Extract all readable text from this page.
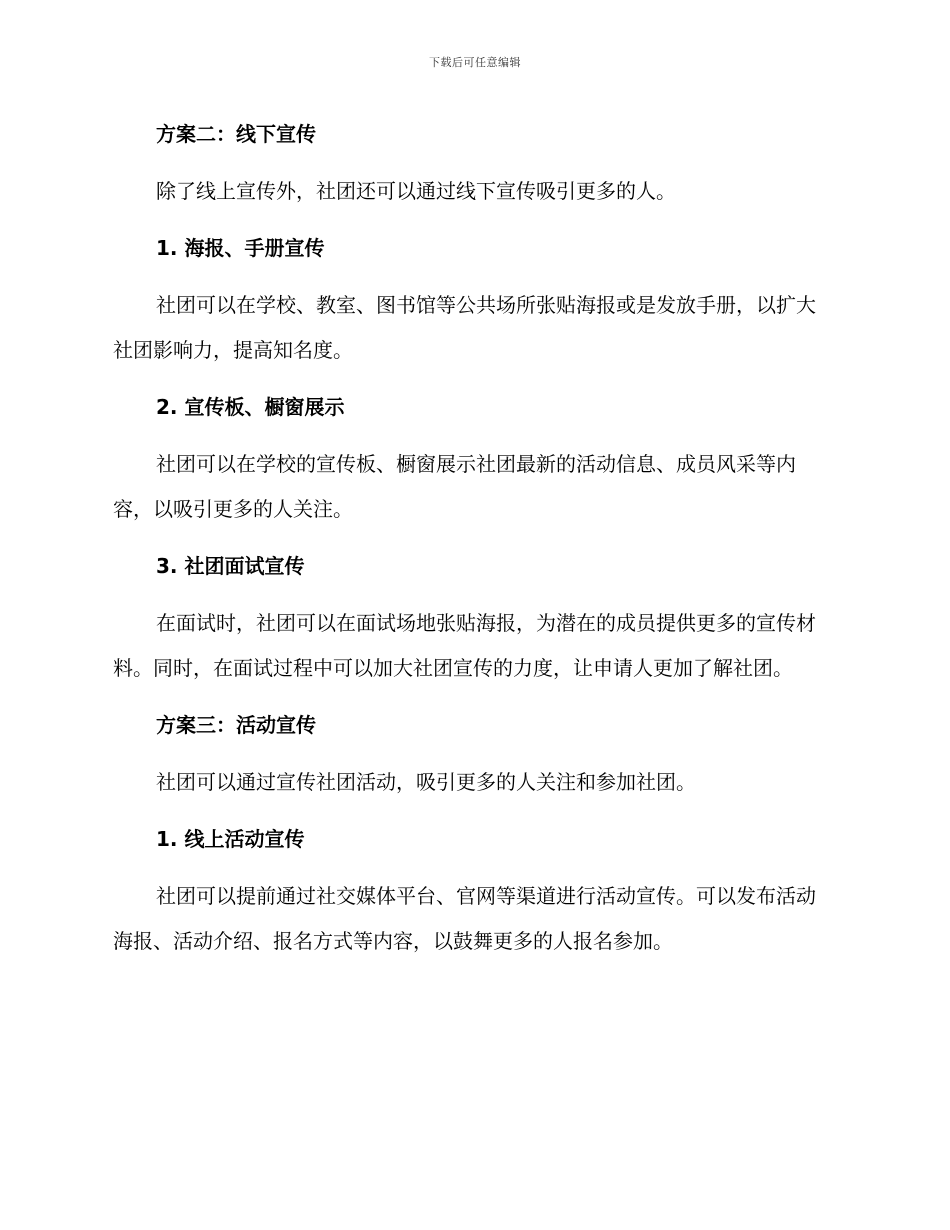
下载后可任意编辑

方案二：线下宣传

除了线上宣传外，社团还可以通过线下宣传吸引更多的人。

1. 海报、手册宣传

社团可以在学校、教室、图书馆等公共场所张贴海报或是发放手册，以扩大社团影响力，提高知名度。

2. 宣传板、橱窗展示

社团可以在学校的宣传板、橱窗展示社团最新的活动信息、成员风采等内容，以吸引更多的人关注。

3. 社团面试宣传

在面试时，社团可以在面试场地张贴海报，为潜在的成员提供更多的宣传材料。同时，在面试过程中可以加大社团宣传的力度，让申请人更加了解社团。

方案三：活动宣传

社团可以通过宣传社团活动，吸引更多的人关注和参加社团。

1. 线上活动宣传

社团可以提前通过社交媒体平台、官网等渠道进行活动宣传。可以发布活动海报、活动介绍、报名方式等内容，以鼓舞更多的人报名参加。
